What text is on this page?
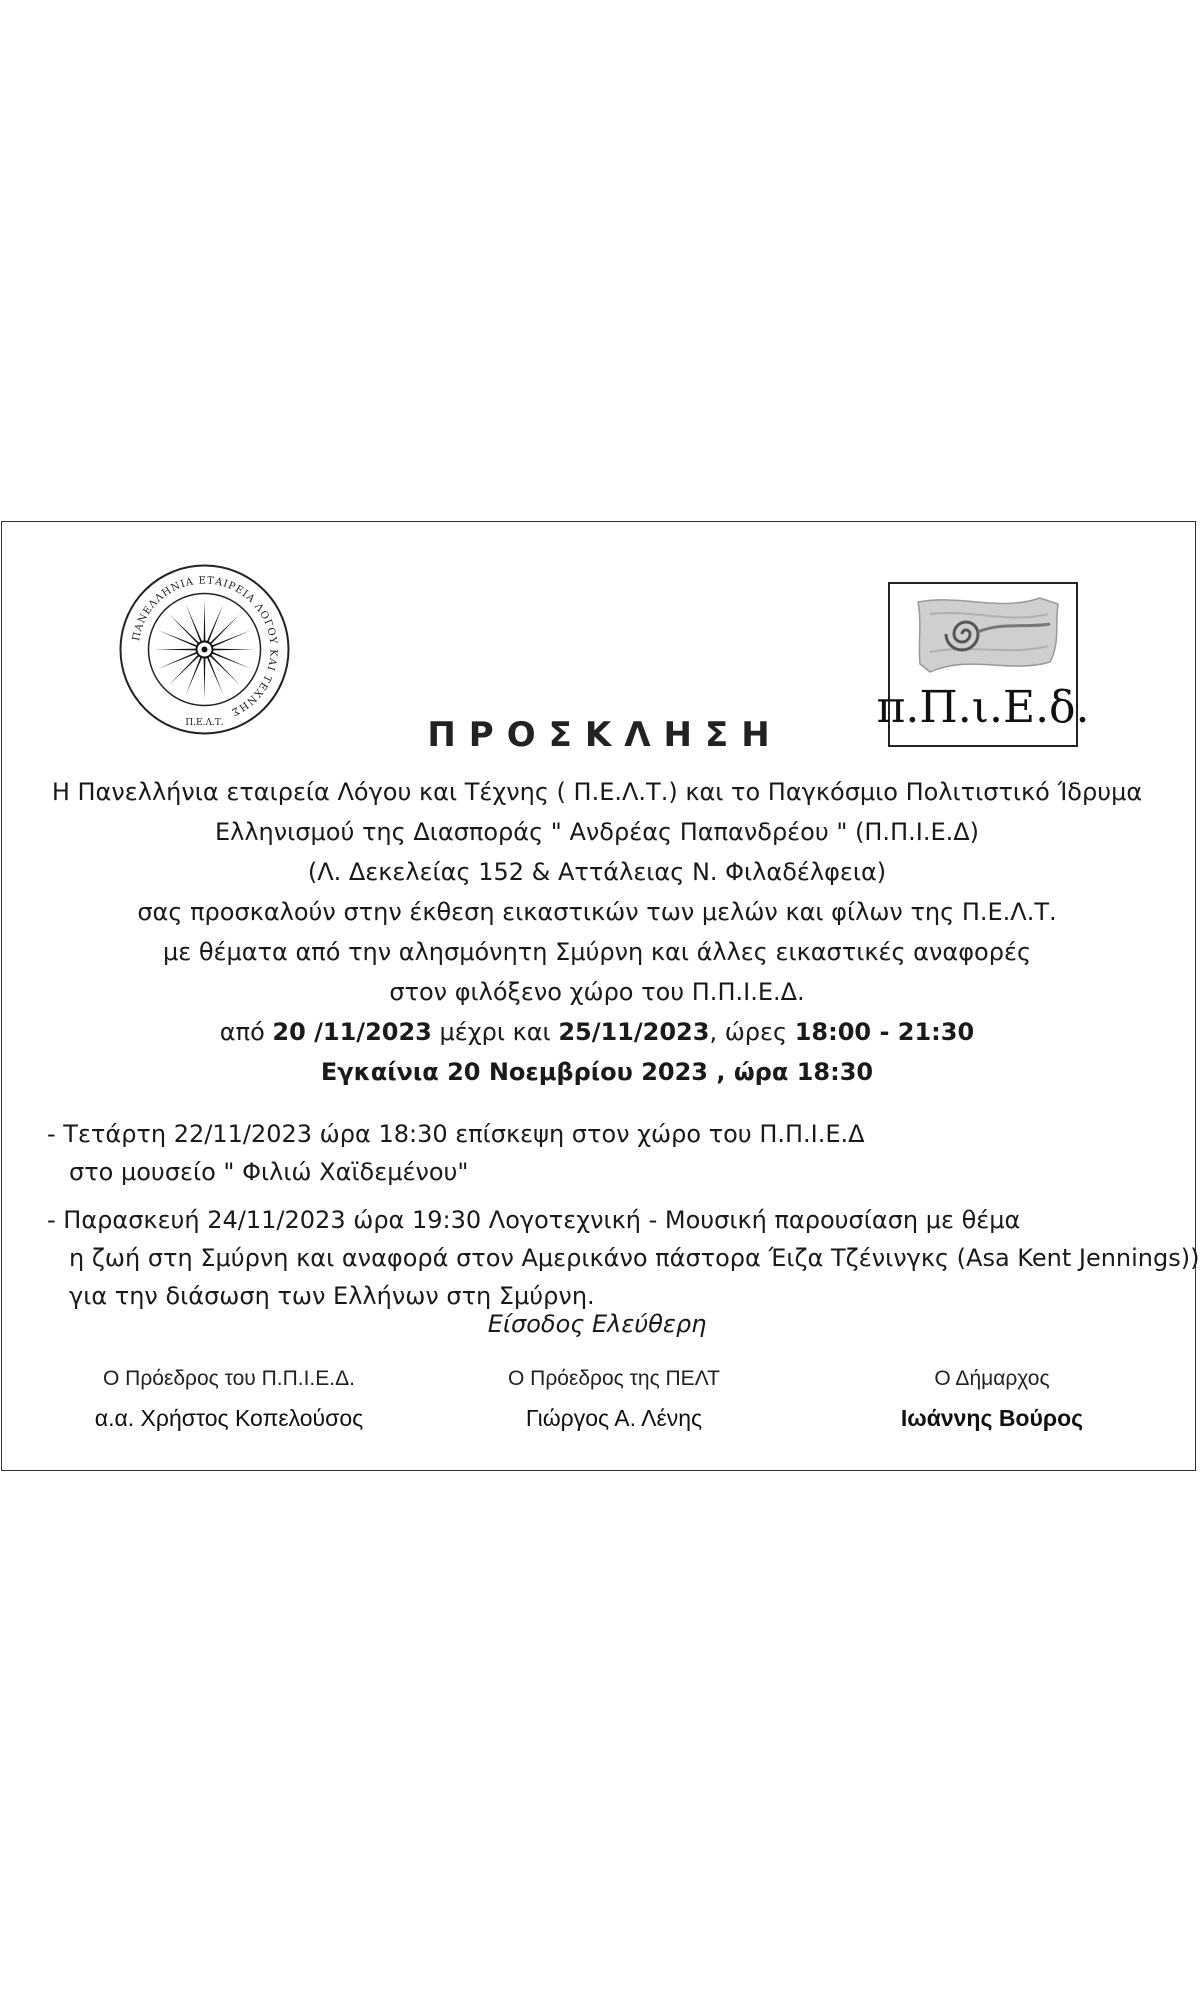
ΠΑΝΕΛΛΗΝΙΑ ΕΤΑΙΡΕΙΑ ΛΟΓΟΥ ΚΑΙ ΤΕΧΝΗΣ
Π.Ε.Λ.Τ.	π.Π.ι.Ε.δ.
ΠΡΟΣΚΛΗΣΗ
Η Πανελλήνια εταιρεία Λόγου και Τέχνης ( Π.Ε.Λ.Τ.) και το Παγκόσμιο Πολιτιστικό Ίδρυμα
Ελληνισμού της Διασποράς " Ανδρέας Παπανδρέου " (Π.Π.Ι.Ε.Δ)
(Λ. Δεκελείας 152 & Αττάλειας Ν. Φιλαδέλφεια)
σας προσκαλούν στην έκθεση εικαστικών των μελών και φίλων της Π.Ε.Λ.Τ.
με θέματα από την αλησμόνητη Σμύρνη και άλλες εικαστικές αναφορές
στον φιλόξενο χώρο του Π.Π.Ι.Ε.Δ.
από 20 /11/2023 μέχρι και 25/11/2023, ώρες 18:00 - 21:30
Εγκαίνια 20 Νοεμβρίου 2023 , ώρα 18:30
- Τετάρτη 22/11/2023 ώρα 18:30 επίσκεψη στον χώρο του Π.Π.Ι.Ε.Δ
στο μουσείο " Φιλιώ Χαϊδεμένου"
- Παρασκευή 24/11/2023 ώρα 19:30 Λογοτεχνική - Μουσική παρουσίαση με θέμα
η ζωή στη Σμύρνη και αναφορά στον Αμερικάνο πάστορα Έιζα Τζένινγκς (Asa Kent Jennings))
για την διάσωση των Ελλήνων στη Σμύρνη.
Είσοδος Ελεύθερη
Ο Πρόεδρος του Π.Π.Ι.Ε.Δ.
α.α. Χρήστος Κοπελούσος
Ο Πρόεδρος της ΠΕΛΤ
Γιώργος Α. Λένης
Ο Δήμαρχος
Ιωάννης Βούρος
